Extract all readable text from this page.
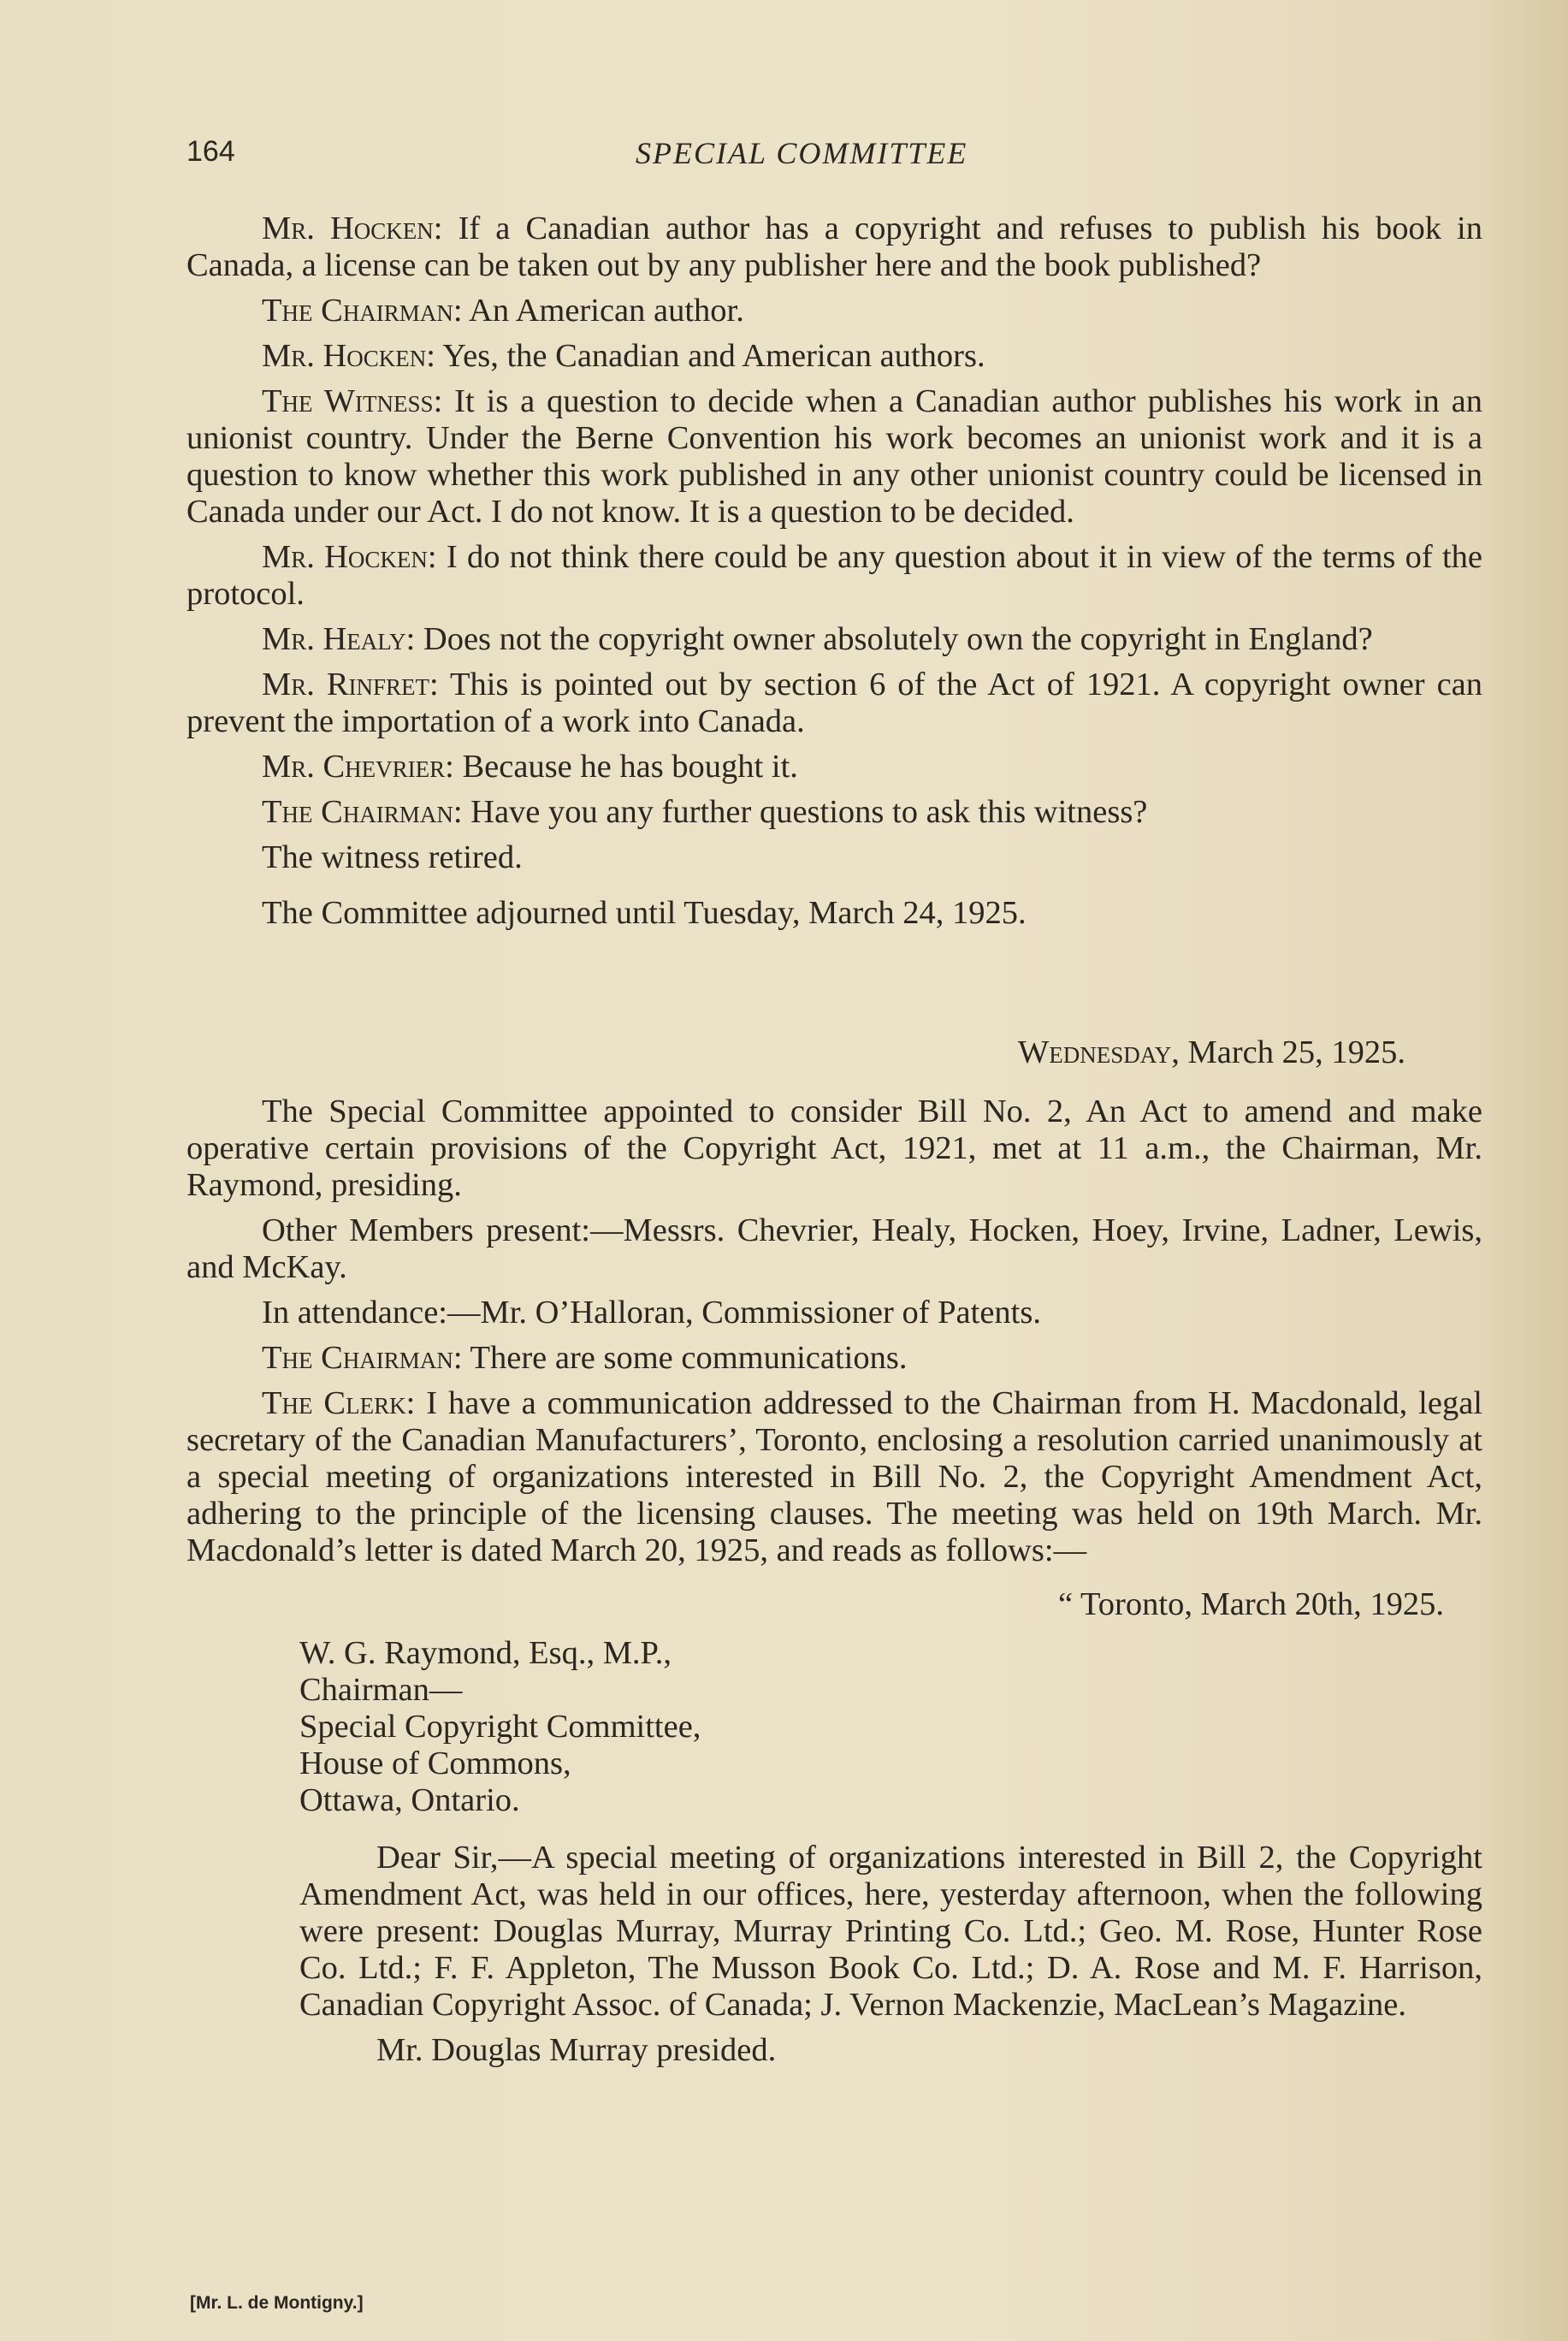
164	SPECIAL COMMITTEE

Mr. Hocken: If a Canadian author has a copyright and refuses to publish his book in Canada, a license can be taken out by any publisher here and the book published?

The Chairman: An American author.

Mr. Hocken: Yes, the Canadian and American authors.

The Witness: It is a question to decide when a Canadian author publishes his work in an unionist country. Under the Berne Convention his work becomes an unionist work and it is a question to know whether this work published in any other unionist country could be licensed in Canada under our Act. I do not know. It is a question to be decided.

Mr. Hocken: I do not think there could be any question about it in view of the terms of the protocol.

Mr. Healy: Does not the copyright owner absolutely own the copyright in England?

Mr. Rinfret: This is pointed out by section 6 of the Act of 1921. A copyright owner can prevent the importation of a work into Canada.

Mr. Chevrier: Because he has bought it.

The Chairman: Have you any further questions to ask this witness?

The witness retired.

The Committee adjourned until Tuesday, March 24, 1925.

Wednesday, March 25, 1925.

The Special Committee appointed to consider Bill No. 2, An Act to amend and make operative certain provisions of the Copyright Act, 1921, met at 11 a.m., the Chairman, Mr. Raymond, presiding.

Other Members present:—Messrs. Chevrier, Healy, Hocken, Hoey, Irvine, Ladner, Lewis, and McKay.

In attendance:—Mr. O’Halloran, Commissioner of Patents.

The Chairman: There are some communications.

The Clerk: I have a communication addressed to the Chairman from H. Macdonald, legal secretary of the Canadian Manufacturers’, Toronto, enclosing a resolution carried unanimously at a special meeting of organizations interested in Bill No. 2, the Copyright Amendment Act, adhering to the principle of the licensing clauses. The meeting was held on 19th March. Mr. Macdonald’s letter is dated March 20, 1925, and reads as follows:—

“ Toronto, March 20th, 1925.

W. G. Raymond, Esq., M.P.,

Chairman—

Special Copyright Committee,

House of Commons,

Ottawa, Ontario.

Dear Sir,—A special meeting of organizations interested in Bill 2, the Copyright Amendment Act, was held in our offices, here, yesterday afternoon, when the following were present: Douglas Murray, Murray Printing Co. Ltd.; Geo. M. Rose, Hunter Rose Co. Ltd.; F. F. Appleton, The Musson Book Co. Ltd.; D. A. Rose and M. F. Harrison, Canadian Copyright Assoc. of Canada; J. Vernon Mackenzie, MacLean’s Magazine.

Mr. Douglas Murray presided.

[Mr. L. de Montigny.]
